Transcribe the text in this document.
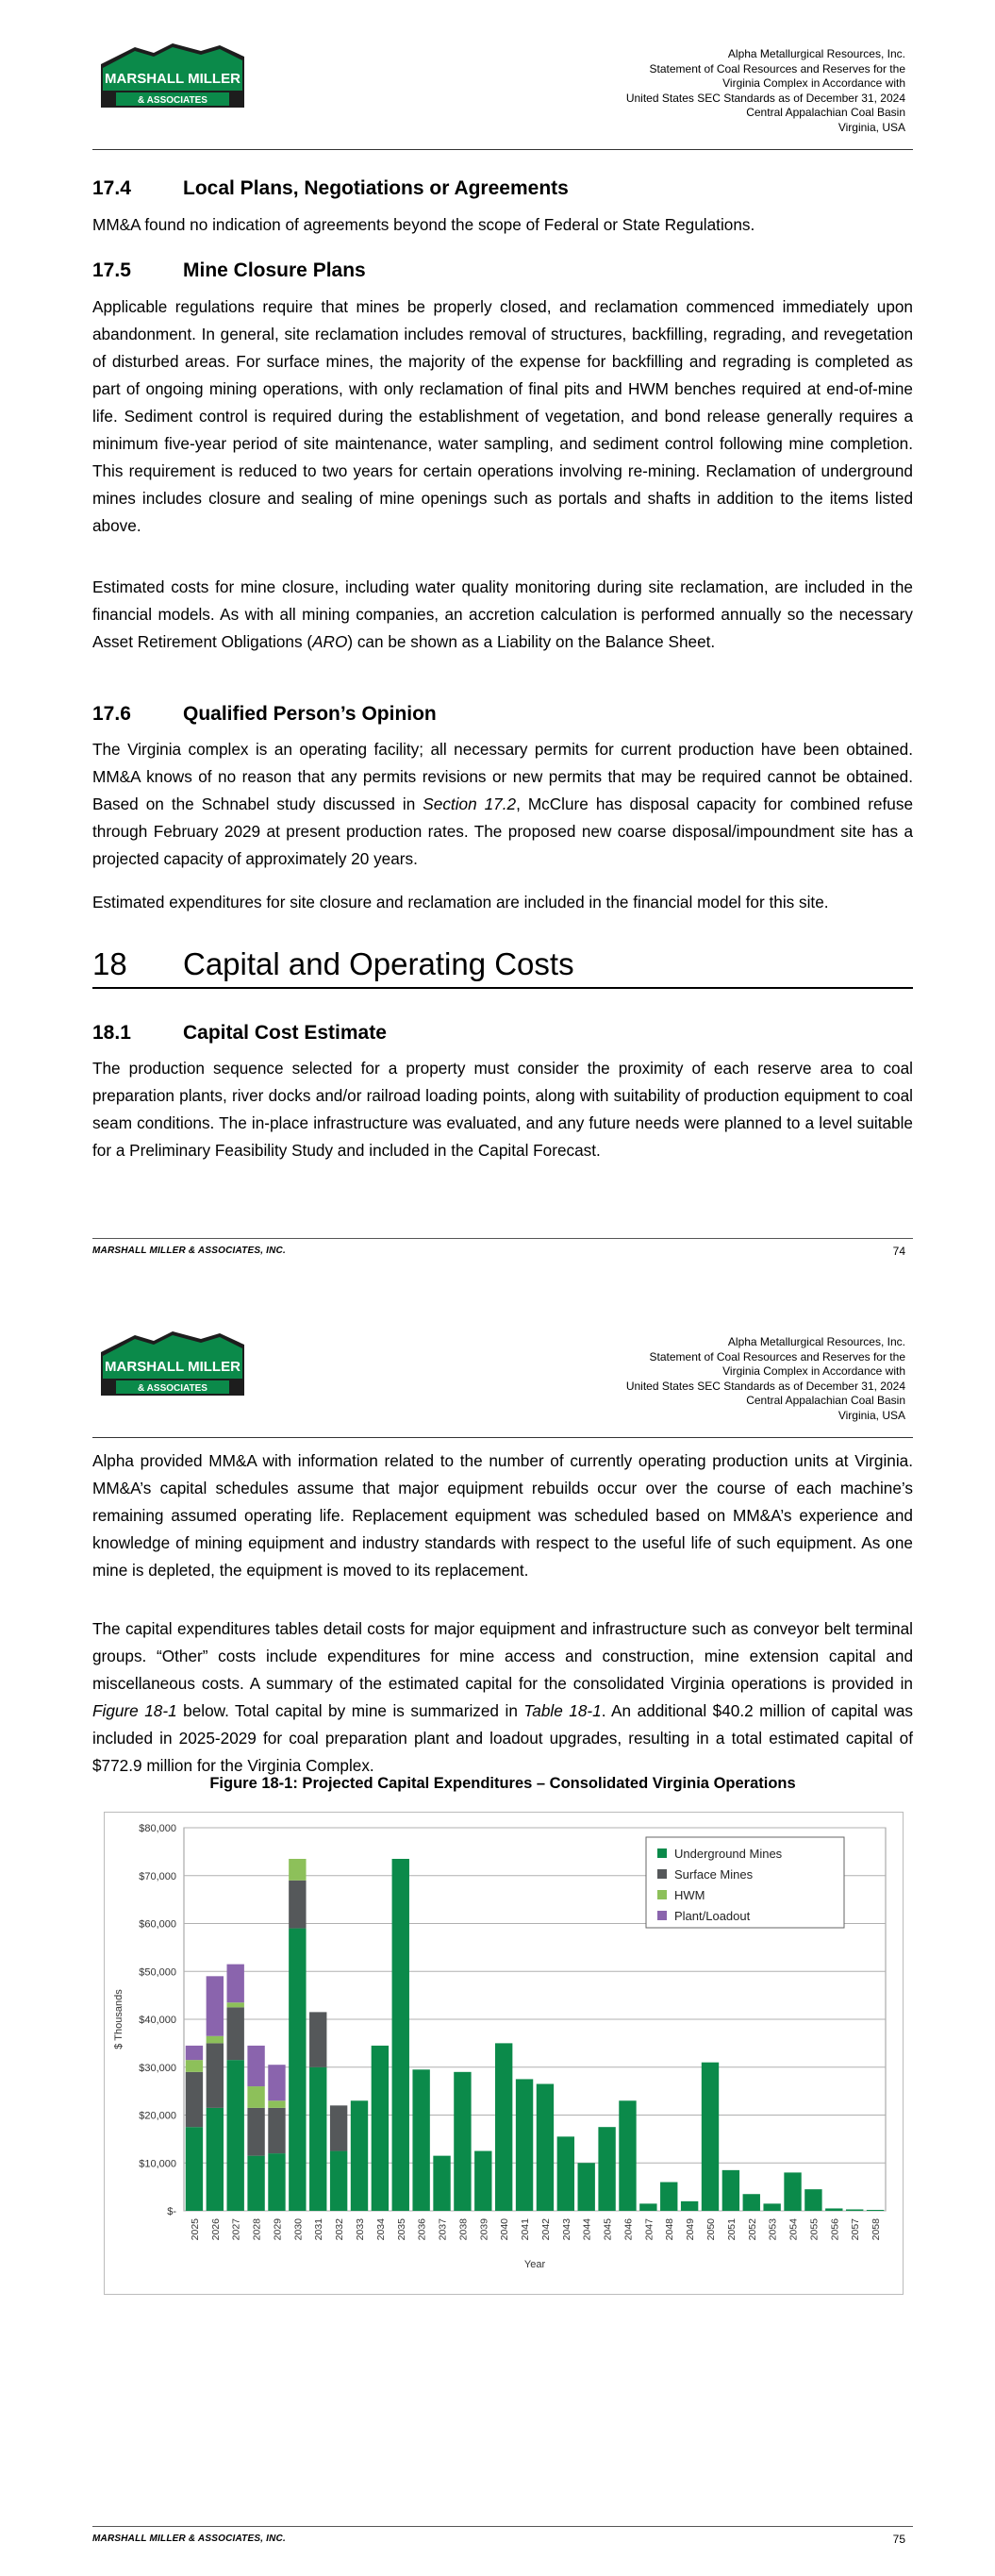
MARSHALL MILLER
& ASSOCIATES
Alpha Metallurgical Resources, Inc.
Statement of Coal Resources and Reserves for the
Virginia Complex in Accordance with
United States SEC Standards as of December 31, 2024
Central Appalachian Coal Basin
Virginia, USA
17.4	Local Plans, Negotiations or Agreements

MM&A found no indication of agreements beyond the scope of Federal or State Regulations.

17.5	Mine Closure Plans

Applicable regulations require that mines be properly closed, and reclamation commenced immediately upon abandonment. In general, site reclamation includes removal of structures, backfilling, regrading, and revegetation of disturbed areas. For surface mines, the majority of the expense for backfilling and regrading is completed as part of ongoing mining operations, with only reclamation of final pits and HWM benches required at end-of-mine life. Sediment control is required during the establishment of vegetation, and bond release generally requires a minimum five-year period of site maintenance, water sampling, and sediment control following mine completion. This requirement is reduced to two years for certain operations involving re-mining. Reclamation of underground mines includes closure and sealing of mine openings such as portals and shafts in addition to the items listed above.

Estimated costs for mine closure, including water quality monitoring during site reclamation, are included in the financial models. As with all mining companies, an accretion calculation is performed annually so the necessary Asset Retirement Obligations (ARO) can be shown as a Liability on the Balance Sheet.

17.6	Qualified Person’s Opinion

The Virginia complex is an operating facility; all necessary permits for current production have been obtained. MM&A knows of no reason that any permits revisions or new permits that may be required cannot be obtained. Based on the Schnabel study discussed in Section 17.2, McClure has disposal capacity for combined refuse through February 2029 at present production rates. The proposed new coarse disposal/impoundment site has a projected capacity of approximately 20 years.

Estimated expenditures for site closure and reclamation are included in the financial model for this site.

18 Capital and Operating Costs
18.1	Capital Cost Estimate

The production sequence selected for a property must consider the proximity of each reserve area to coal preparation plants, river docks and/or railroad loading points, along with suitability of production equipment to coal seam conditions. The in-place infrastructure was evaluated, and any future needs were planned to a level suitable for a Preliminary Feasibility Study and included in the Capital Forecast.

MARSHALL MILLER & ASSOCIATES, INC.	74
MARSHALL MILLER
& ASSOCIATES
Alpha Metallurgical Resources, Inc.
Statement of Coal Resources and Reserves for the
Virginia Complex in Accordance with
United States SEC Standards as of December 31, 2024
Central Appalachian Coal Basin
Virginia, USA

Alpha provided MM&A with information related to the number of currently operating production units at Virginia. MM&A’s capital schedules assume that major equipment rebuilds occur over the course of each machine’s remaining assumed operating life. Replacement equipment was scheduled based on MM&A’s experience and knowledge of mining equipment and industry standards with respect to the useful life of such equipment. As one mine is depleted, the equipment is moved to its replacement.

The capital expenditures tables detail costs for major equipment and infrastructure such as conveyor belt terminal groups. “Other” costs include expenditures for mine access and construction, mine extension capital and miscellaneous costs. A summary of the estimated capital for the consolidated Virginia operations is provided in Figure 18-1 below. Total capital by mine is summarized in Table 18-1. An additional $40.2 million of capital was included in 2025-2029 for coal preparation plant and loadout upgrades, resulting in a total estimated capital of $772.9 million for the Virginia Complex.

Figure 18-1: Projected Capital Expenditures – Consolidated Virginia Operations
MARSHALL MILLER & ASSOCIATES, INC.	75
$-
$10,000
$20,000
$30,000
$40,000
$50,000
$60,000
$70,000
$80,000
2025 2026 2027 2028 2029 2030 2031 2032 2033 2034 2035 2036 2037 2038 2039 2040 2041 2042 2043 2044 2045 2046 2047 2048 2049 2050 2051 2052 2053 2054 2055 2056 2057 2058
Year
$ Thousands
Underground Mines
Surface Mines
HWM
Plant/Loadout
